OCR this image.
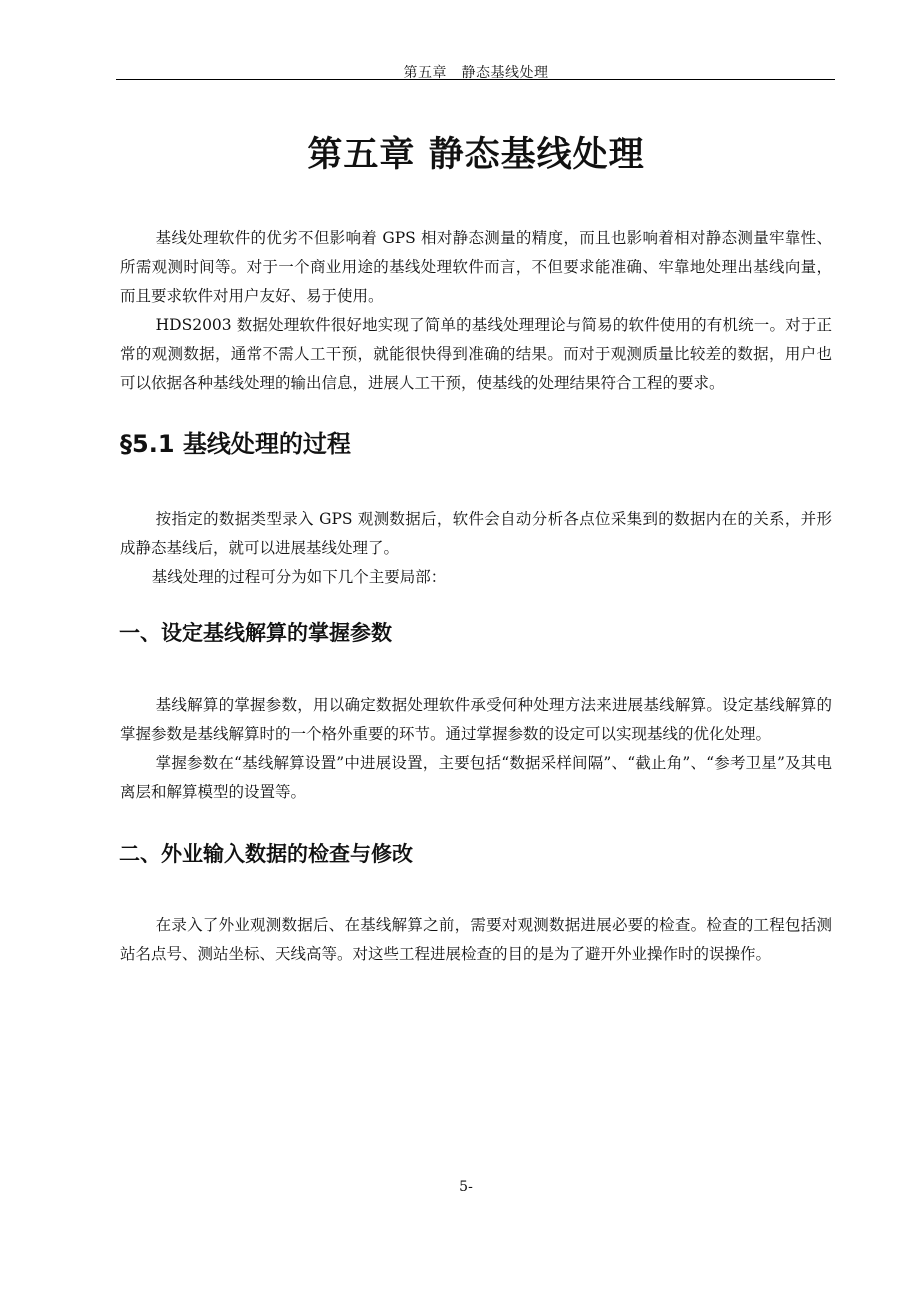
第五章　静态基线处理
第五章 静态基线处理

基线处理软件的优劣不但影响着 GPS 相对静态测量的精度，而且也影响着相对静态测量牢靠性、所需观测时间等。对于一个商业用途的基线处理软件而言，不但要求能准确、牢靠地处理出基线向量，而且要求软件对用户友好、易于使用。

HDS2003 数据处理软件很好地实现了简单的基线处理理论与简易的软件使用的有机统一。对于正常的观测数据，通常不需人工干预，就能很快得到准确的结果。而对于观测质量比较差的数据，用户也可以依据各种基线处理的输出信息，进展人工干预，使基线的处理结果符合工程的要求。

§5.1 基线处理的过程

按指定的数据类型录入 GPS 观测数据后，软件会自动分析各点位采集到的数据内在的关系，并形成静态基线后，就可以进展基线处理了。

基线处理的过程可分为如下几个主要局部：

一、设定基线解算的掌握参数

基线解算的掌握参数，用以确定数据处理软件承受何种处理方法来进展基线解算。设定基线解算的掌握参数是基线解算时的一个格外重要的环节。通过掌握参数的设定可以实现基线的优化处理。

掌握参数在“基线解算设置”中进展设置，主要包括“数据采样间隔”、“截止角”、“参考卫星”及其电离层和解算模型的设置等。

二、外业输入数据的检查与修改

在录入了外业观测数据后、在基线解算之前，需要对观测数据进展必要的检查。检查的工程包括测站名点号、测站坐标、天线高等。对这些工程进展检查的目的是为了避开外业操作时的误操作。

5-
